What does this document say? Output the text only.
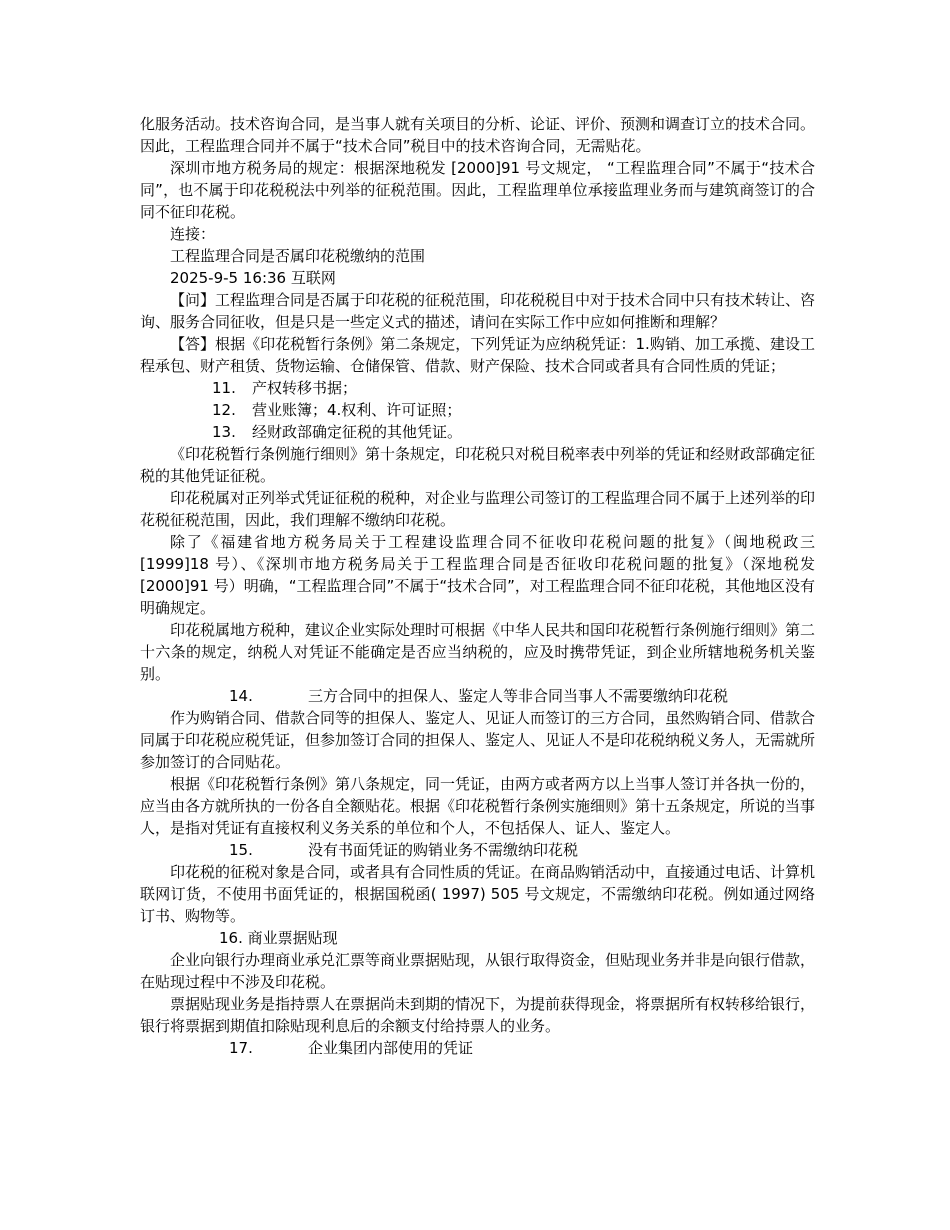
化服务活动。技术咨询合同，是当事人就有关项目的分析、论证、评价、预测和调查订立的技术合同。因此，工程监理合同并不属于“技术合同”税目中的技术咨询合同，无需贴花。

深圳市地方税务局的规定：根据深地税发 [2000]91 号文规定， “工程监理合同”不属于“技术合同”，也不属于印花税税法中列举的征税范围。因此，工程监理单位承接监理业务而与建筑商签订的合同不征印花税。

连接：

工程监理合同是否属印花税缴纳的范围

2025-9-5 16:36 互联网

【问】工程监理合同是否属于印花税的征税范围，印花税税目中对于技术合同中只有技术转让、咨询、服务合同征收，但是只是一些定义式的描述，请问在实际工作中应如何推断和理解？

【答】根据《印花税暂行条例》第二条规定，下列凭证为应纳税凭证：1.购销、加工承揽、建设工程承包、财产租赁、货物运输、仓储保管、借款、财产保险、技术合同或者具有合同性质的凭证；

11.	产权转移书据；
12.	营业账簿；4.权利、许可证照；
13.	经财政部确定征税的其他凭证。

《印花税暂行条例施行细则》第十条规定，印花税只对税目税率表中列举的凭证和经财政部确定征税的其他凭证征税。

印花税属对正列举式凭证征税的税种，对企业与监理公司签订的工程监理合同不属于上述列举的印花税征税范围，因此，我们理解不缴纳印花税。

除了《福建省地方税务局关于工程建设监理合同不征收印花税问题的批复》（闽地税政三[1999]18 号）、《深圳市地方税务局关于工程监理合同是否征收印花税问题的批复》（深地税发[2000]91 号）明确，“工程监理合同”不属于“技术合同”，对工程监理合同不征印花税，其他地区没有明确规定。

印花税属地方税种，建议企业实际处理时可根据《中华人民共和国印花税暂行条例施行细则》第二十六条的规定，纳税人对凭证不能确定是否应当纳税的，应及时携带凭证，到企业所辖地税务机关鉴别。

14.	三方合同中的担保人、鉴定人等非合同当事人不需要缴纳印花税

作为购销合同、借款合同等的担保人、鉴定人、见证人而签订的三方合同，虽然购销合同、借款合同属于印花税应税凭证，但参加签订合同的担保人、鉴定人、见证人不是印花税纳税义务人，无需就所参加签订的合同贴花。

根据《印花税暂行条例》第八条规定，同一凭证，由两方或者两方以上当事人签订并各执一份的，应当由各方就所执的一份各自全额贴花。根据《印花税暂行条例实施细则》第十五条规定，所说的当事人，是指对凭证有直接权利义务关系的单位和个人，不包括保人、证人、鉴定人。

15.	没有书面凭证的购销业务不需缴纳印花税

印花税的征税对象是合同，或者具有合同性质的凭证。在商品购销活动中，直接通过电话、计算机联网订货，不使用书面凭证的，根据国税函( 1997) 505 号文规定，不需缴纳印花税。例如通过网络订书、购物等。

16. 商业票据贴现

企业向银行办理商业承兑汇票等商业票据贴现，从银行取得资金，但贴现业务并非是向银行借款，在贴现过程中不涉及印花税。

票据贴现业务是指持票人在票据尚未到期的情况下，为提前获得现金，将票据所有权转移给银行，银行将票据到期值扣除贴现利息后的余额支付给持票人的业务。

17.	企业集团内部使用的凭证
